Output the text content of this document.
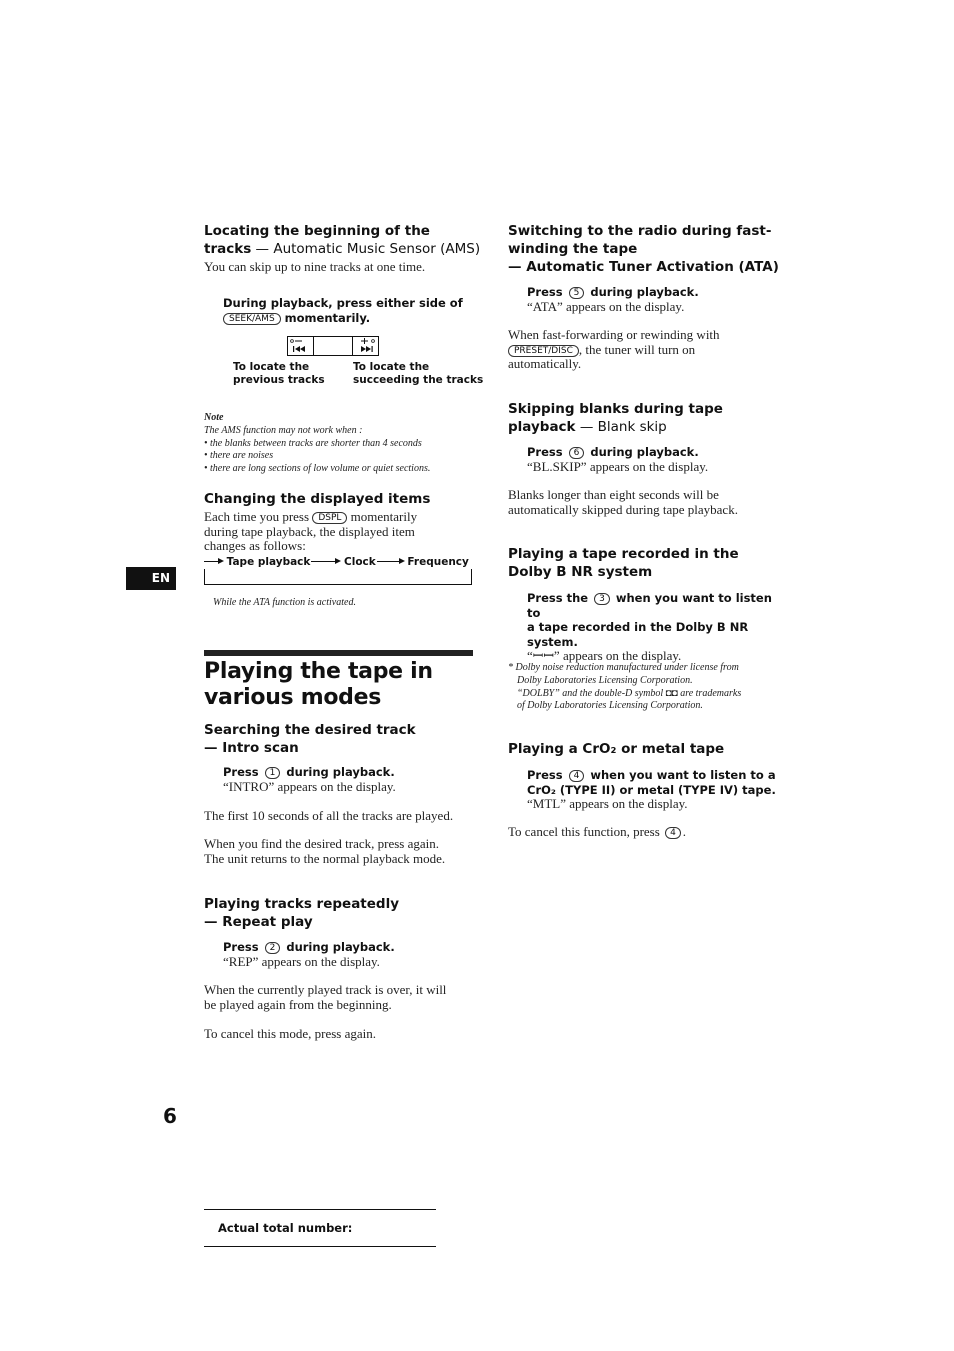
Locating the beginning of the
tracks — Automatic Music Sensor (AMS)
You can skip up to nine tracks at one time.
During playback, press either side of
SEEK/AMS momentarily.
To locate the
previous tracks
To locate the
succeeding the tracks
Note
The AMS function may not work when :
• the blanks between tracks are shorter than 4 seconds
• there are noises
• there are long sections of low volume or quiet sections.
Changing the displayed items
Each time you press DSPL momentarily
during tape playback, the displayed item
changes as follows:
Tape playback	Clock	Frequency
While the ATA function is activated.
Playing the tape in
various modes
Searching the desired track
— Intro scan
Press 1 during playback.
“INTRO” appears on the display.
The first 10 seconds of all the tracks are played.
When you find the desired track, press again.
The unit returns to the normal playback mode.
Playing tracks repeatedly
— Repeat play
Press 2 during playback.
“REP” appears on the display.
When the currently played track is over, it will
be played again from the beginning.
To cancel this mode, press again.
EN
6
Actual total number:
Switching to the radio during fast-
winding the tape
— Automatic Tuner Activation (ATA)
Press 5 during playback.
“ATA” appears on the display.
When fast-forwarding or rewinding with
PRESET/DISC , the tuner will turn on
automatically.
Skipping blanks during tape
playback — Blank skip
Press 6 during playback.
“BL.SKIP” appears on the display.
Blanks longer than eight seconds will be
automatically skipped during tape playback.
Playing a tape recorded in the
Dolby B NR system
Press the 3 when you want to listen to
a tape recorded in the Dolby B NR
system.
“ꟷꟷ” appears on the display.
* Dolby noise reduction manufactured under license from
Dolby Laboratories Licensing Corporation.
“DOLBY” and the double-D symbol ◘◘ are trademarks
of Dolby Laboratories Licensing Corporation.
Playing a CrO₂ or metal tape
Press 4 when you want to listen to a
CrO₂ (TYPE II) or metal (TYPE IV) tape.
“MTL” appears on the display.
To cancel this function, press 4 .
